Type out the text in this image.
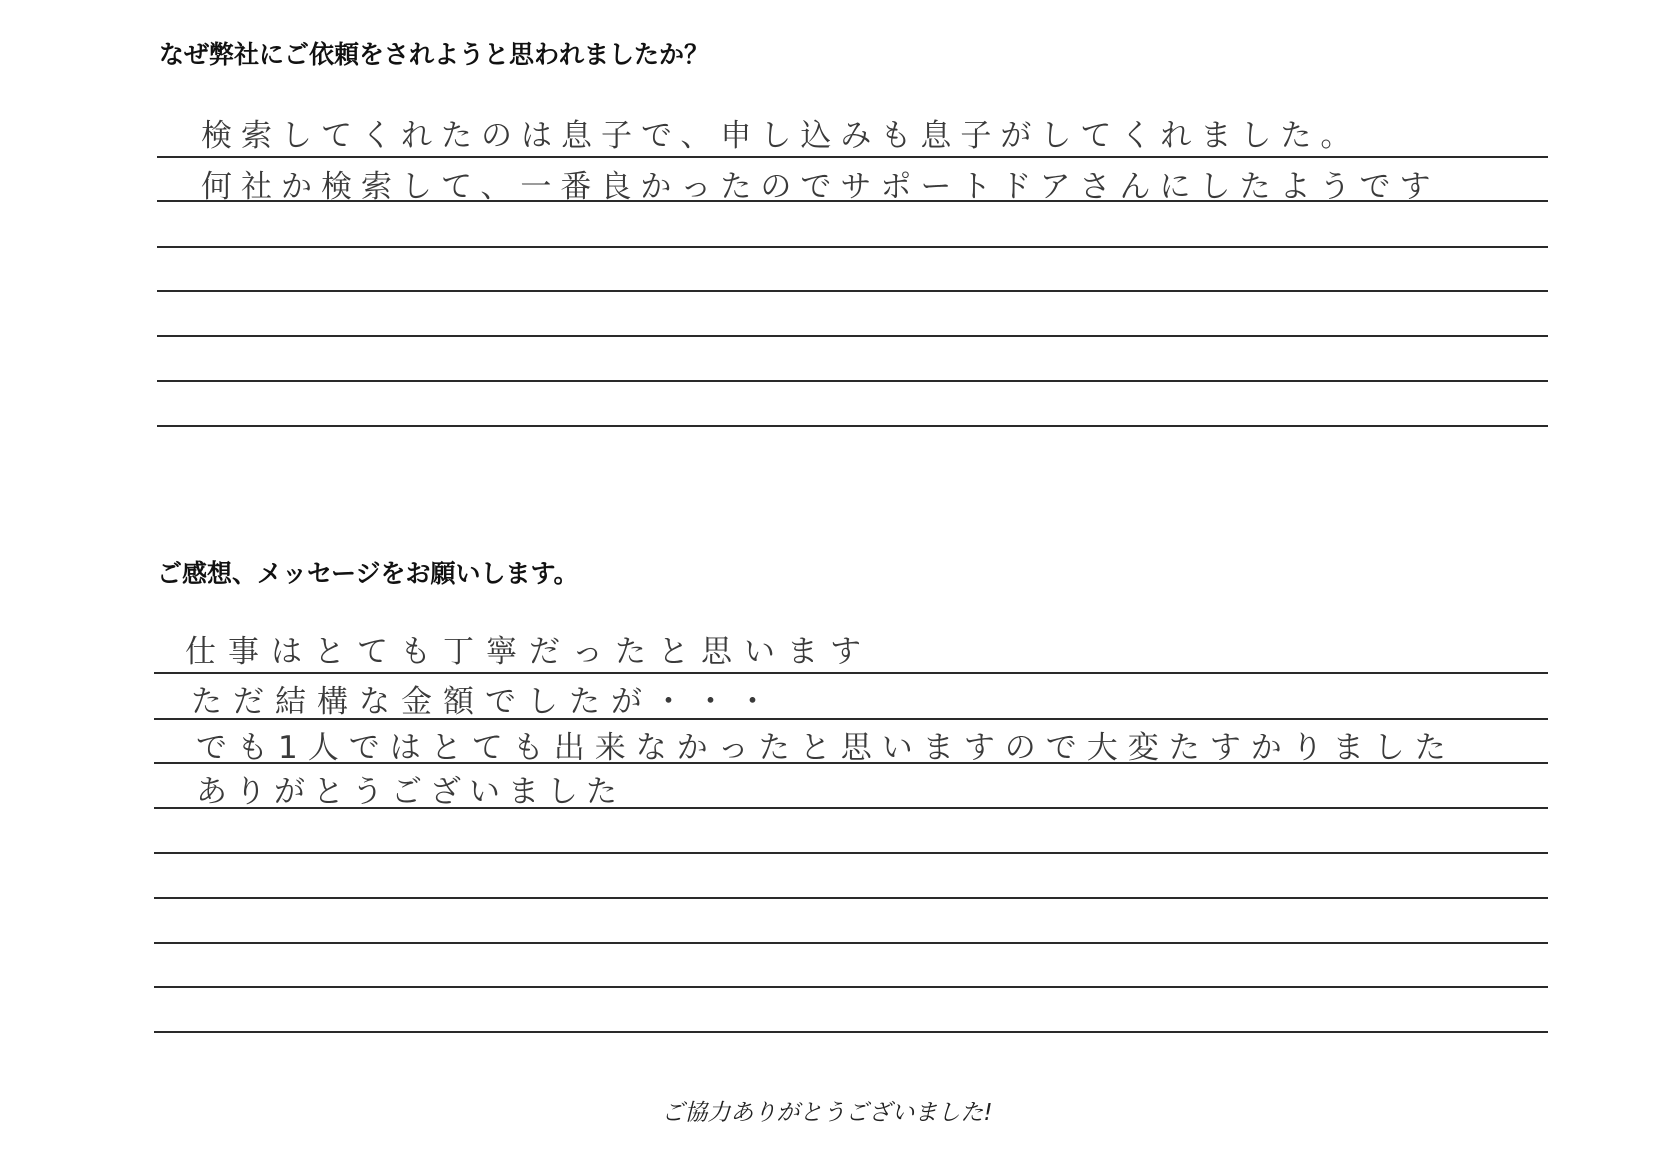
なぜ弊社にご依頼をされようと思われましたか？
検索してくれたのは息子で、申し込みも息子がしてくれました。
何社か検索して、一番良かったのでサポートドアさんにしたようです
ご感想、メッセージをお願いします。
仕事はとても丁寧だったと思います
ただ結構な金額でしたが・・・
でも1人ではとても出来なかったと思いますので大変たすかりました
ありがとうございました
ご協力ありがとうございました!
